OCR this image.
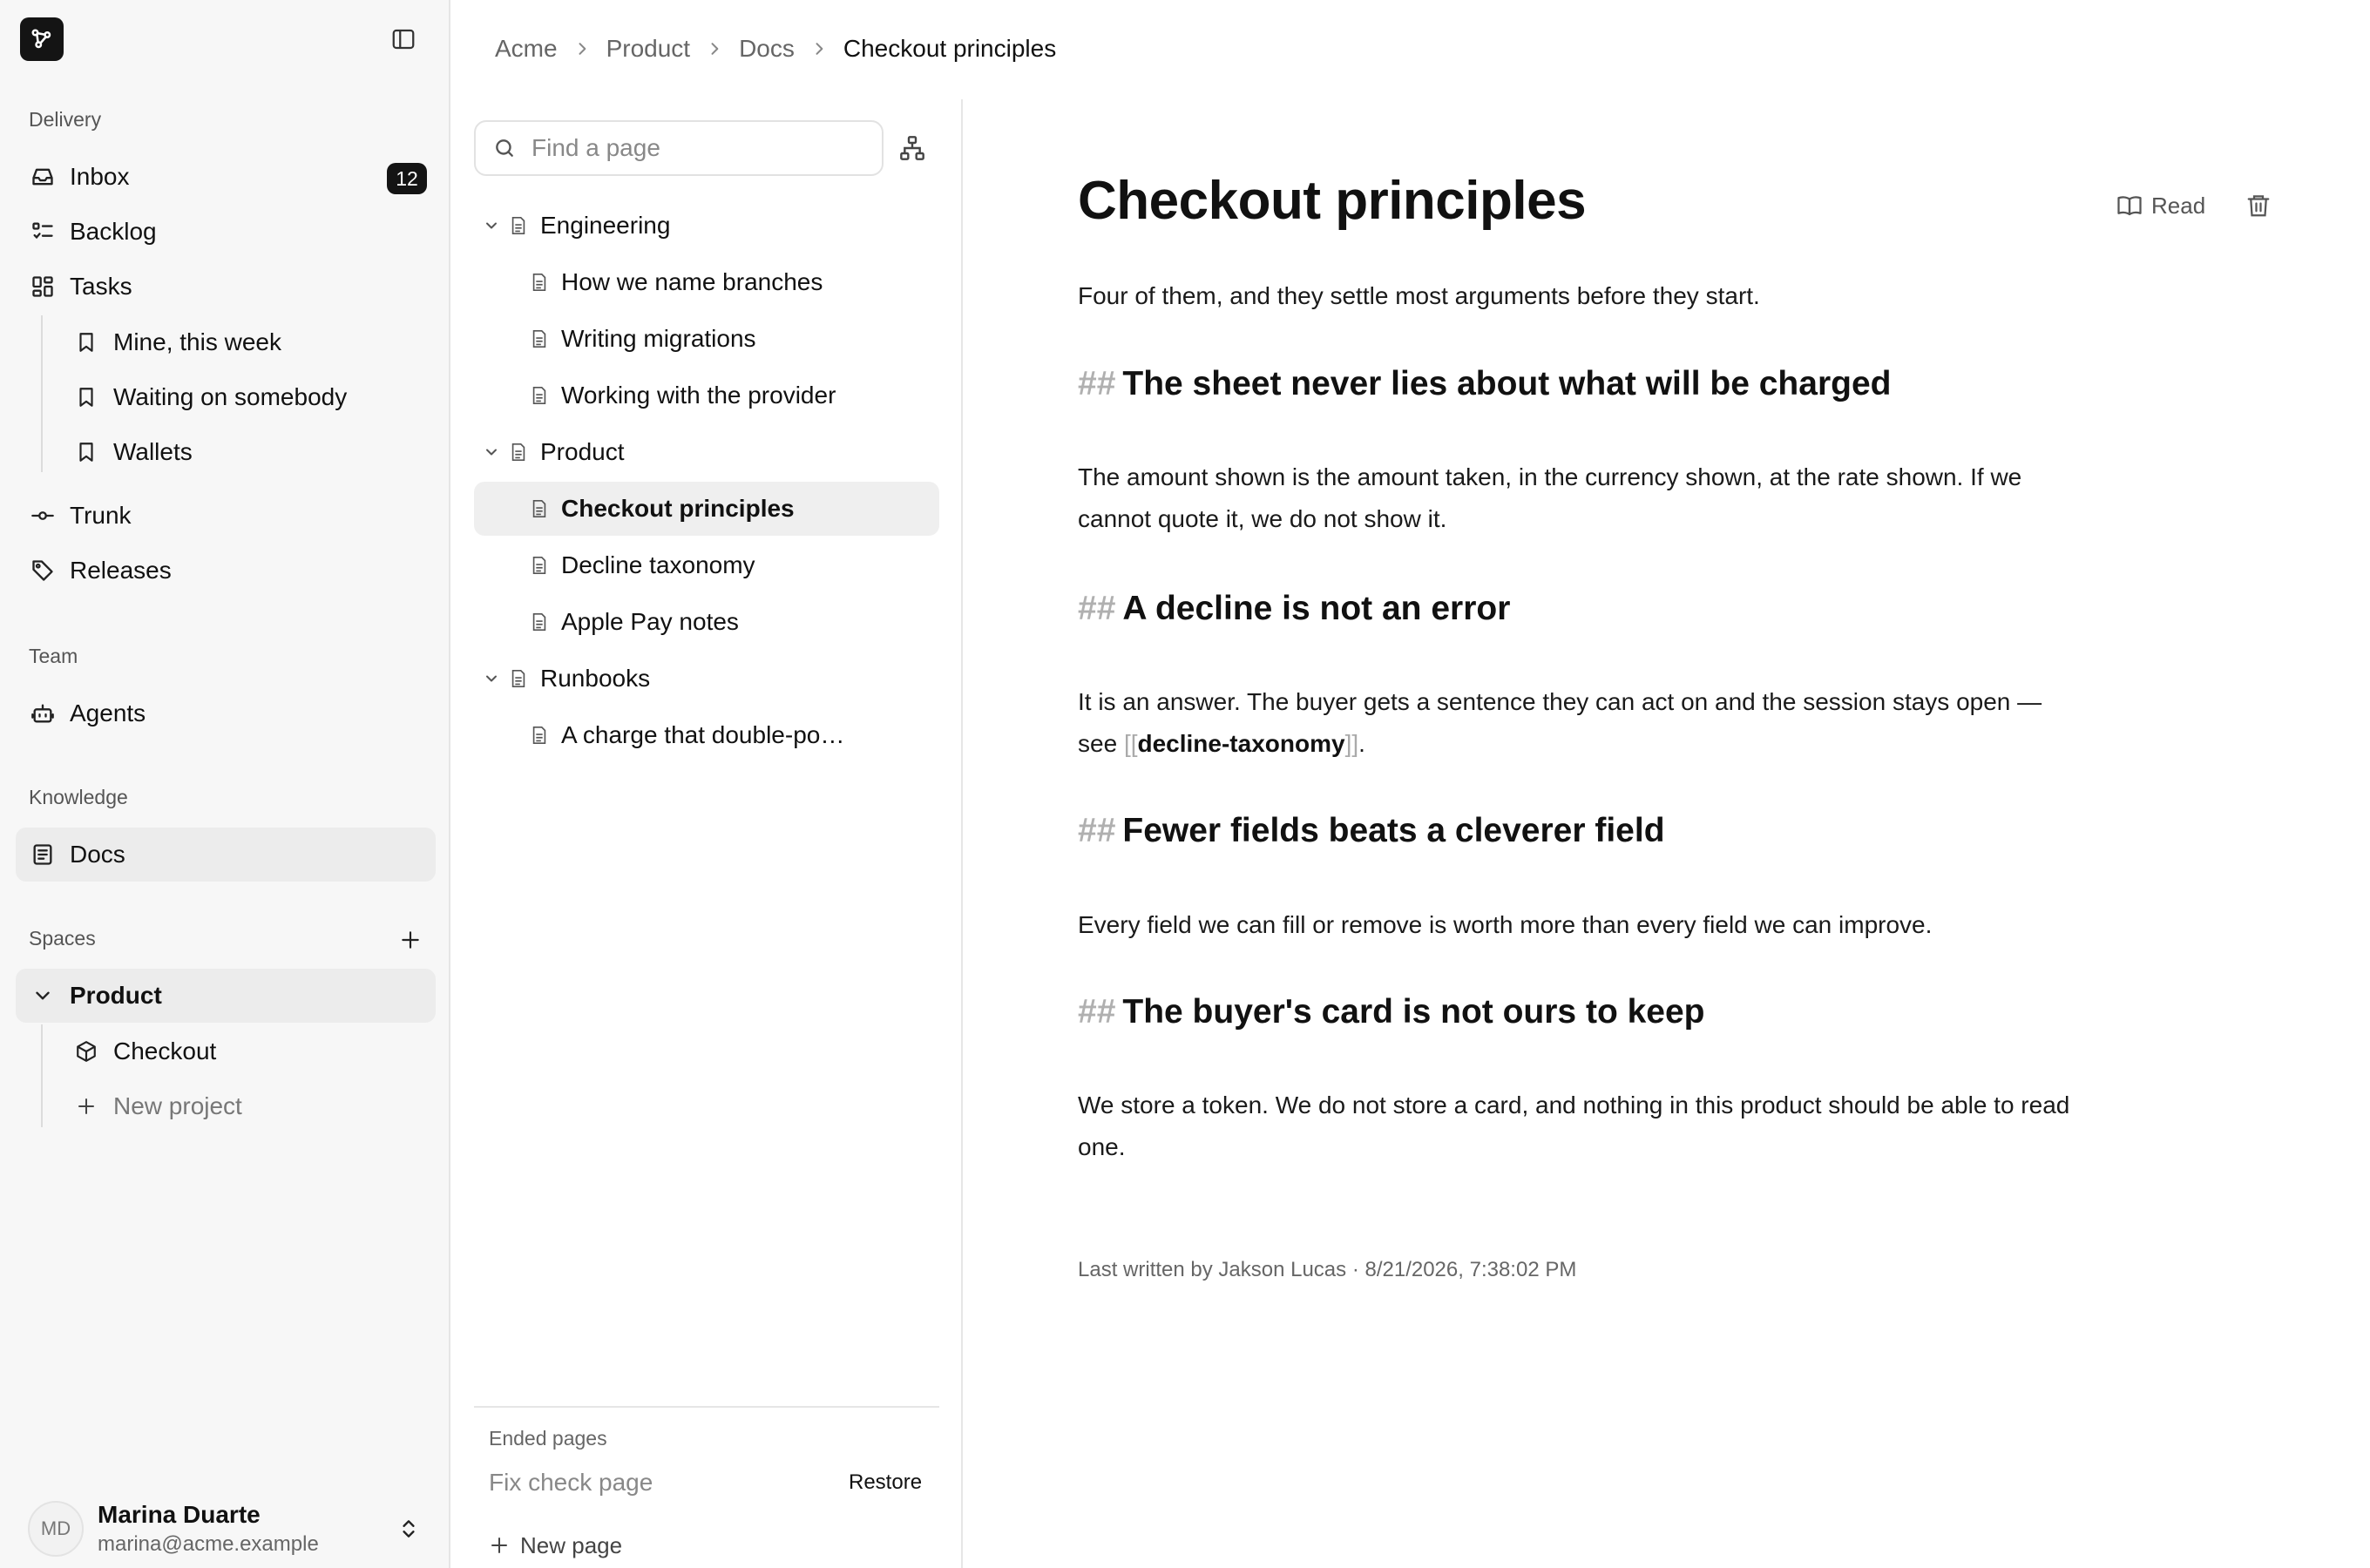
Delivery
Inbox	12
Backlog
Tasks
Mine, this week
Waiting on somebody
Wallets
Trunk
Releases
Team
Agents
Knowledge
Docs
Spaces
Product
Checkout
New project
MD
Marina Duarte
marina@acme.example
Acme Product Docs Checkout principles
Find a page
Engineering
How we name branches
Writing migrations
Working with the provider
Product
Checkout principles
Decline taxonomy
Apple Pay notes
Runbooks
A charge that double-po…
Ended pages
Fix check page	Restore
New page
Checkout principles	Read

Four of them, and they settle most arguments before they start.

## The sheet never lies about what will be charged

The amount shown is the amount taken, in the currency shown, at the rate shown. If we cannot quote it, we do not show it.

## A decline is not an error

It is an answer. The buyer gets a sentence they can act on and the session stays open — see [[decline-taxonomy]].

## Fewer fields beats a cleverer field

Every field we can fill or remove is worth more than every field we can improve.

## The buyer's card is not ours to keep

We store a token. We do not store a card, and nothing in this product should be able to read one.

Last written by Jakson Lucas · 8/21/2026, 7:38:02 PM
